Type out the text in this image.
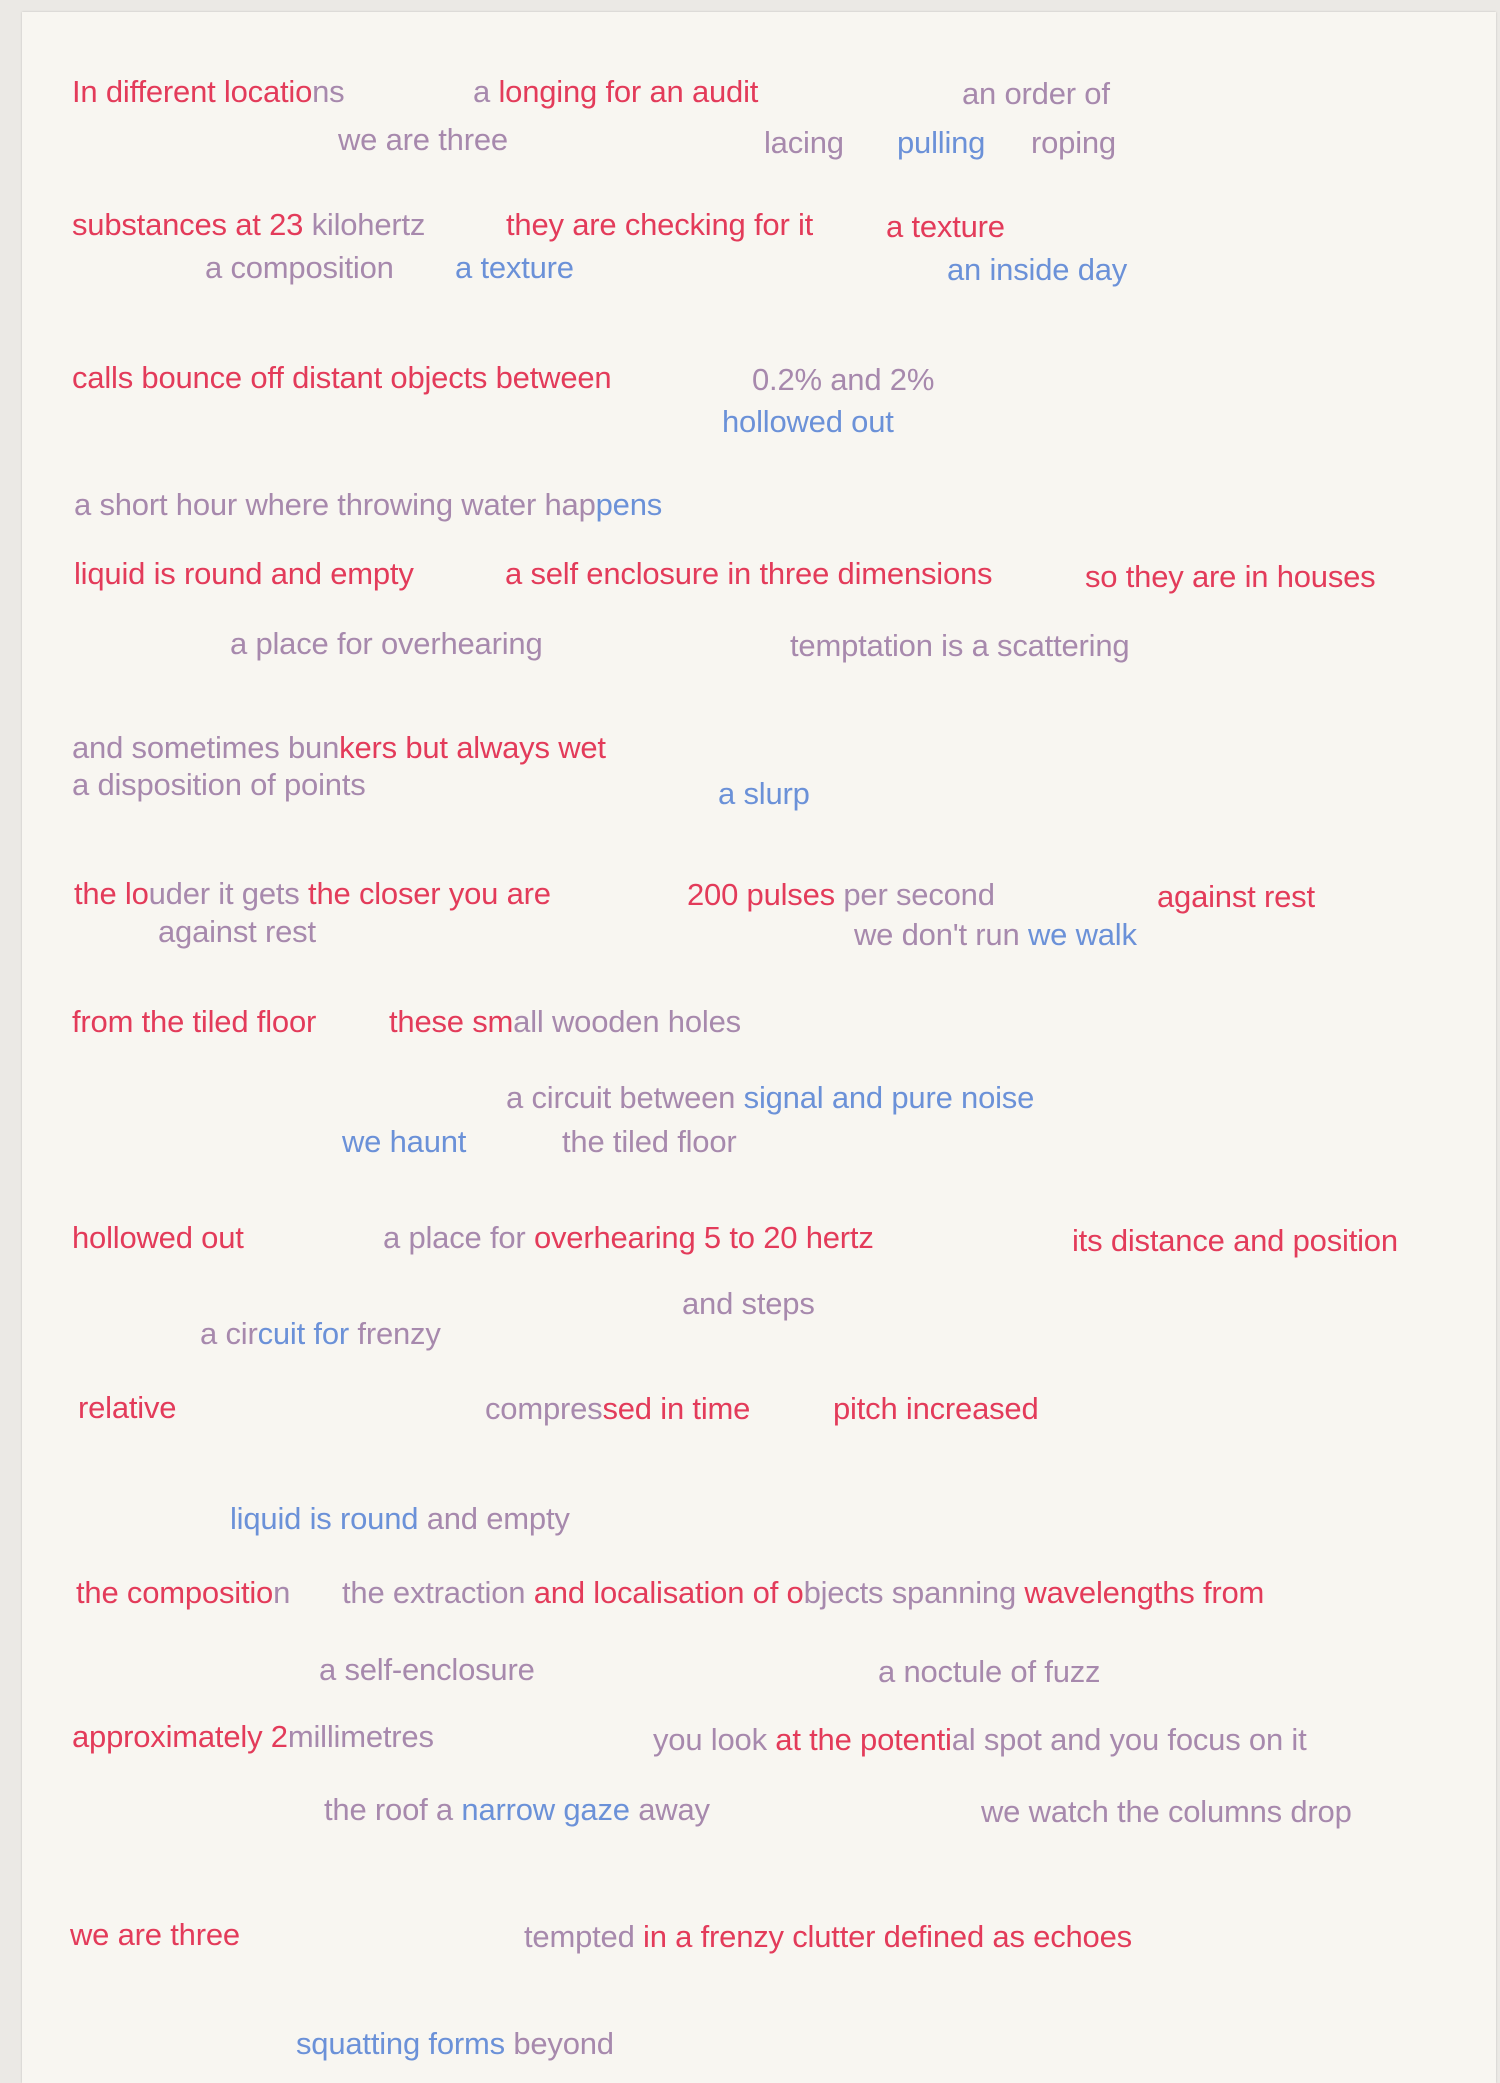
In different locations	a longing for an audit	an order of
we are three	lacing pulling roping
substances at 23 kilohertz	they are checking for it a texture
a composition a texture	an inside day
calls bounce off distant objects between	0.2% and 2%
hollowed out
a short hour where throwing water happens
liquid is round and empty	a self enclosure in three dimensions	so they are in houses
a place for overhearing	temptation is a scattering
and sometimes bunkers but always wet
a disposition of points	a slurp
the louder it gets the closer you are	200 pulses per second	against rest
against rest	we don't run we walk
from the tiled floor these small wooden holes
a circuit between signal and pure noise
we haunt	the tiled floor
hollowed out	a place for overhearing 5 to 20 hertz	its distance and position
and steps
a circuit for frenzy
relative	compressed in time	pitch increased
liquid is round and empty
the composition the extraction and localisation of objects spanning wavelengths from
a self-enclosure	a noctule of fuzz
approximately 2millimetres	you look at the potential spot and you focus on it
the roof a narrow gaze away	we watch the columns drop
we are three	tempted in a frenzy clutter defined as echoes
squatting forms beyond
